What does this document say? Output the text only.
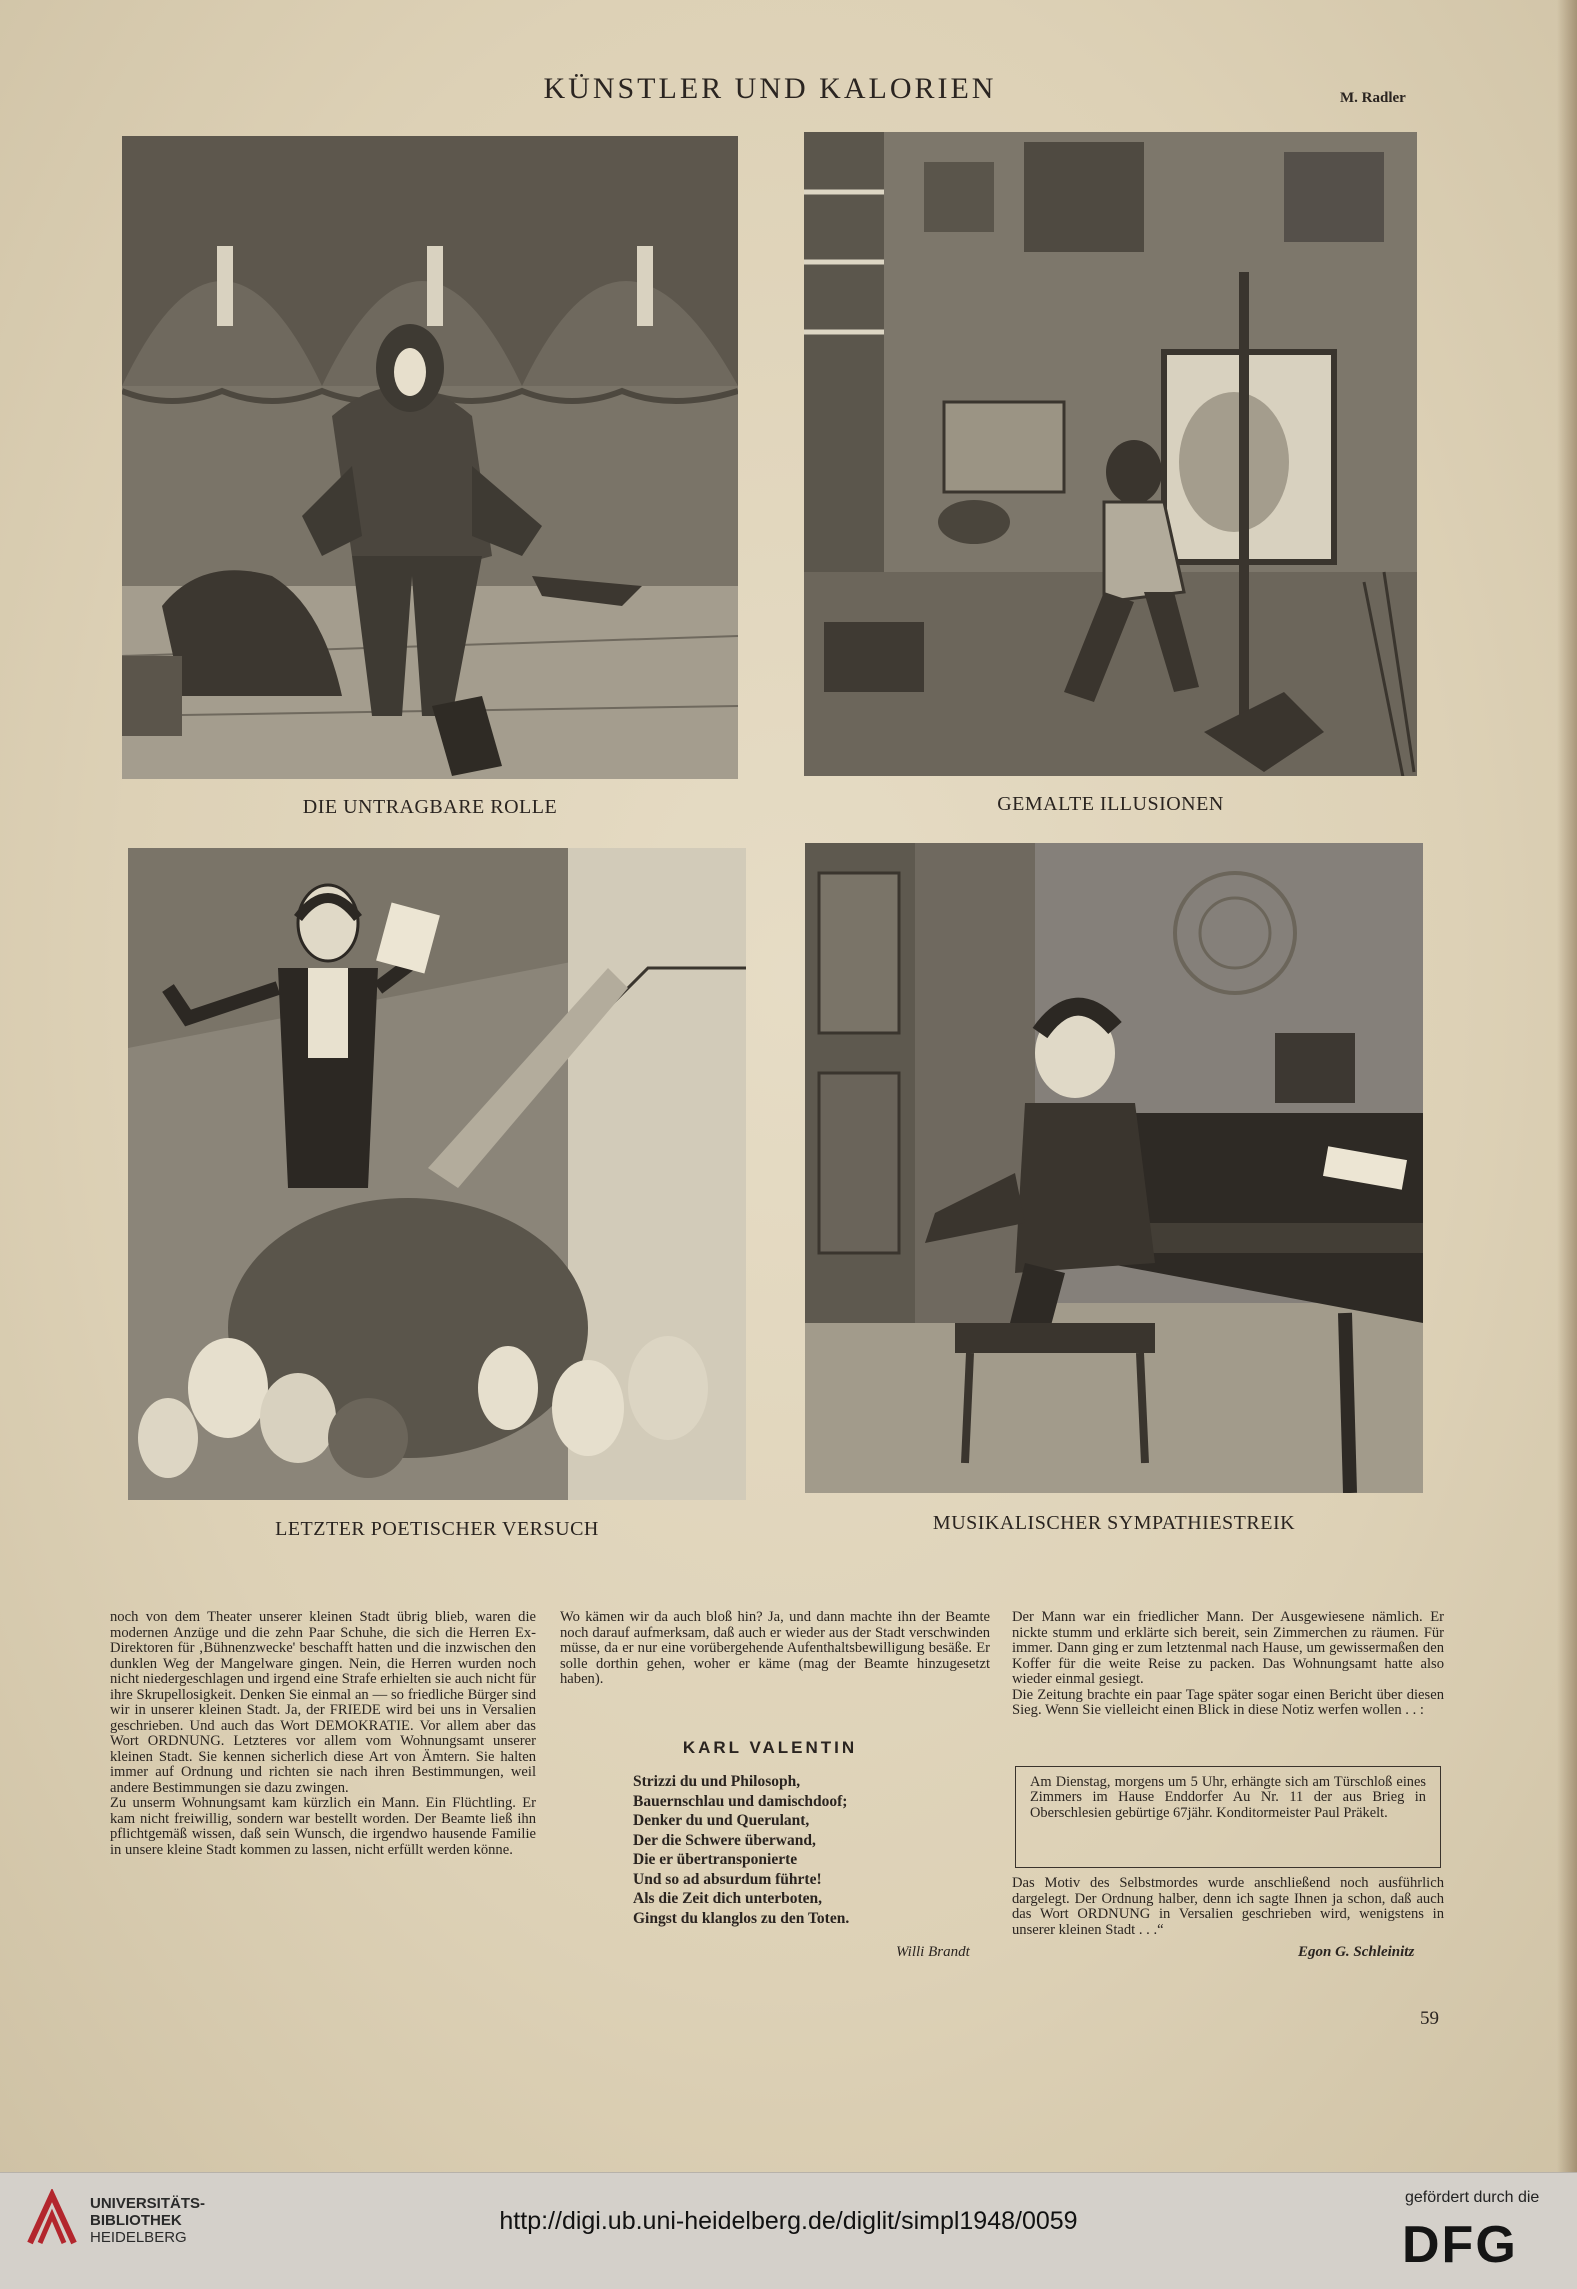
KÜNSTLER UND KALORIEN	M. Radler
DIE UNTRAGBARE ROLLE	GEMALTE ILLUSIONEN
LETZTER POETISCHER VERSUCH	MUSIKALISCHER SYMPATHIESTREIK

noch von dem Theater unserer kleinen Stadt übrig blieb, waren die modernen Anzüge und die zehn Paar Schuhe, die sich die Herren Ex-Direktoren für ‚Bühnenzwecke' beschafft hatten und die inzwischen den dunklen Weg der Mangelware gingen. Nein, die Herren wurden noch nicht niedergeschlagen und irgend eine Strafe erhielten sie auch nicht für ihre Skrupellosigkeit. Denken Sie einmal an — so friedliche Bürger sind wir in unserer kleinen Stadt. Ja, der FRIEDE wird bei uns in Versalien geschrieben. Und auch das Wort DEMOKRATIE. Vor allem aber das Wort ORDNUNG. Letzteres vor allem vom Wohnungsamt unserer kleinen Stadt. Sie kennen sicherlich diese Art von Ämtern. Sie halten immer auf Ordnung und richten sie nach ihren Bestimmungen, weil andere Bestimmungen sie dazu zwingen.

Zu unserm Wohnungsamt kam kürzlich ein Mann. Ein Flüchtling. Er kam nicht freiwillig, sondern war bestellt worden. Der Beamte ließ ihn pflichtgemäß wissen, daß sein Wunsch, die irgendwo hausende Familie in unsere kleine Stadt kommen zu lassen, nicht erfüllt werden könne.

Wo kämen wir da auch bloß hin? Ja, und dann machte ihn der Beamte noch darauf aufmerksam, daß auch er wieder aus der Stadt verschwinden müsse, da er nur eine vorübergehende Aufenthaltsbewilligung besäße. Er solle dorthin gehen, woher er käme (mag der Beamte hinzugesetzt haben).

KARL VALENTIN
Strizzi du und Philosoph,
Bauernschlau und damischdoof;
Denker du und Querulant,
Der die Schwere überwand,
Die er übertransponierte
Und so ad absurdum führte!
Als die Zeit dich unterboten,
Gingst du klanglos zu den Toten.
Willi Brandt

Der Mann war ein friedlicher Mann. Der Ausgewiesene nämlich. Er nickte stumm und erklärte sich bereit, sein Zimmerchen zu räumen. Für immer. Dann ging er zum letztenmal nach Hause, um gewissermaßen den Koffer für die weite Reise zu packen. Das Wohnungsamt hatte also wieder einmal gesiegt.

Die Zeitung brachte ein paar Tage später sogar einen Bericht über diesen Sieg. Wenn Sie vielleicht einen Blick in diese Notiz werfen wollen . . :

Am Dienstag, morgens um 5 Uhr, erhängte sich am Türschloß eines Zimmers im Hause Enddorfer Au Nr. 11 der aus Brieg in Oberschlesien gebürtige 67jähr. Konditormeister Paul Präkelt.

Das Motiv des Selbstmordes wurde anschließend noch ausführlich dargelegt. Der Ordnung halber, denn ich sagte Ihnen ja schon, daß auch das Wort ORDNUNG in Versalien geschrieben wird, wenigstens in unserer kleinen Stadt . . .“

Egon G. Schleinitz
59
UNIVERSITÄTS-
BIBLIOTHEK
HEIDELBERG
http://digi.ub.uni-heidelberg.de/diglit/simpl1948/0059
gefördert durch die
DFG
